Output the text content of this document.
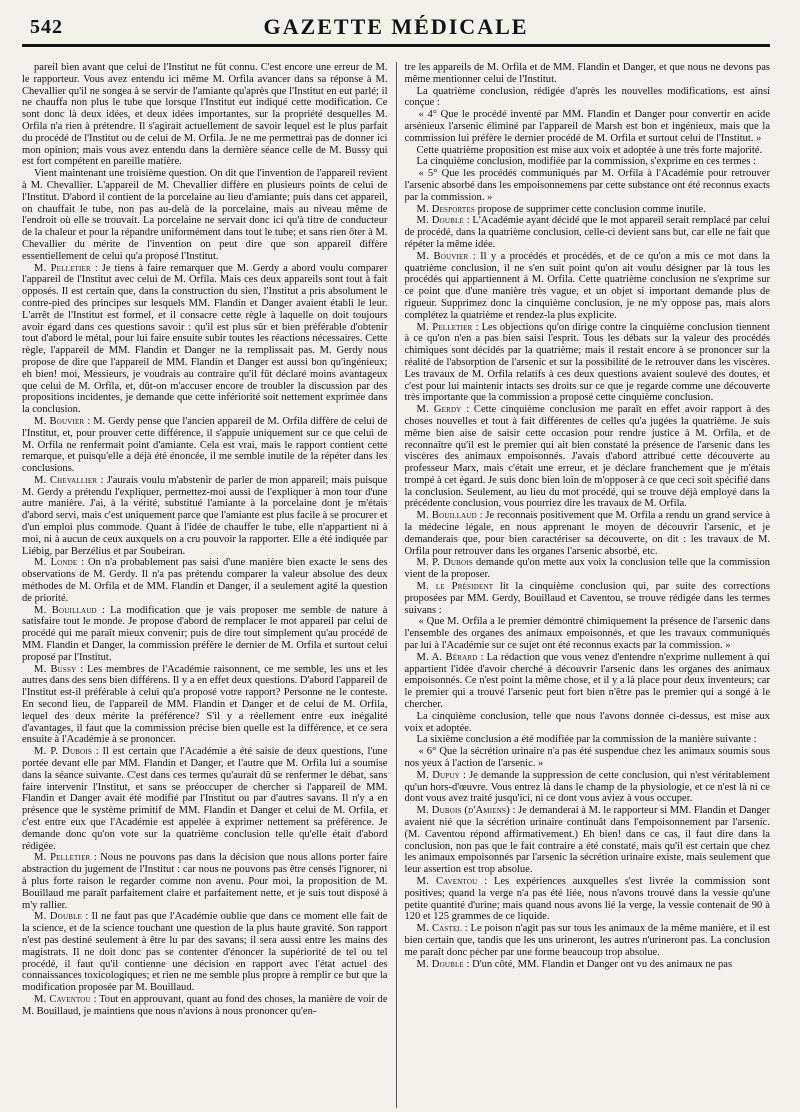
542	GAZETTE MÉDICALE

pareil bien avant que celui de l'Institut ne fût connu. C'est encore une erreur de M. le rapporteur. Vous avez entendu ici même M. Orfila avancer dans sa réponse à M. Chevallier qu'il ne songea à se servir de l'amiante qu'après que l'Institut en eut parlé; il ne chauffa non plus le tube que lorsque l'Institut eut indiqué cette modification. Ce sont donc là deux idées, et deux idées importantes, sur la propriété desquelles M. Orfila n'a rien à prétendre. Il s'agirait actuellement de savoir lequel est le plus parfait du procédé de l'Institut ou de celui de M. Orfila. Je ne me permettrai pas de donner ici mon opinion; mais vous avez entendu dans la dernière séance celle de M. Bussy qui est fort compétent en pareille matière.

Vient maintenant une troisième question. On dit que l'invention de l'appareil revient à M. Chevallier. L'appareil de M. Chevallier diffère en plusieurs points de celui de l'Institut. D'abord il contient de la porcelaine au lieu d'amiante; puis dans cet appareil, on chauffait le tube, non pas au-delà de la porcelaine, mais au niveau même de l'endroit où elle se trouvait. La porcelaine ne servait donc ici qu'à titre de conducteur de la chaleur et pour la répandre uniformément dans tout le tube; et sans rien ôter à M. Chevallier du mérite de l'invention on peut dire que son appareil diffère essentiellement de celui qu'a proposé l'Institut.

M. Pelletier : Je tiens à faire remarquer que M. Gerdy a abord voulu comparer l'appareil de l'Institut avec celui de M. Orfila. Mais ces deux appareils sont tout à fait opposés. Il est certain que, dans la construction du sien, l'Institut a pris absolument le contre-pied des principes sur lesquels MM. Flandin et Danger avaient établi le leur. L'arrêt de l'Institut est formel, et il consacre cette règle à laquelle on doit toujours avoir égard dans ces questions savoir : qu'il est plus sûr et bien préférable d'obtenir tout d'abord le métal, pour lui faire ensuite subir toutes les réactions nécessaires. Cette règle, l'appareil de MM. Flandin et Danger ne la remplissait pas. M. Gerdy nous propose de dire que l'appareil de MM. Flandin et Danger est aussi bon qu'ingénieux; eh bien! moi, Messieurs, je voudrais au contraire qu'il fût déclaré moins avantageux que celui de M. Orfila, et, dût-on m'accuser encore de troubler la discussion par des propositions incidentes, je demande que cette infériorité soit nettement exprimée dans la conclusion.

M. Bouvier : M. Gerdy pense que l'ancien appareil de M. Orfila diffère de celui de l'Institut, et, pour prouver cette différence, il s'appuie uniquement sur ce que celui de M. Orfila ne renfermait point d'amiante. Cela est vrai, mais le rapport contient cette remarque, et puisqu'elle a déjà été énoncée, il me semble inutile de la répéter dans les conclusions.

M. Chevallier : J'aurais voulu m'abstenir de parler de mon appareil; mais puisque M. Gerdy a prétendu l'expliquer, permettez-moi aussi de l'expliquer à mon tour d'une autre manière. J'ai, à la vérité, substitué l'amiante à la porcelaine dont je m'étais d'abord servi, mais c'est uniquement parce que l'amiante est plus facile à se procurer et d'un emploi plus commode. Quant à l'idée de chauffer le tube, elle n'appartient ni à moi, ni à aucun de ceux auxquels on a cru pouvoir la rapporter. Elle a été indiquée par Liébig, par Berzélius et par Soubeiran.

M. Londe : On n'a probablement pas saisi d'une manière bien exacte le sens des observations de M. Gerdy. Il n'a pas prétendu comparer la valeur absolue des deux méthodes de M. Orfila et de MM. Flandin et Danger, il a seulement agité la question de priorité.

M. Bouillaud : La modification que je vais proposer me semble de nature à satisfaire tout le monde. Je propose d'abord de remplacer le mot appareil par celui de procédé qui me paraît mieux convenir; puis de dire tout simplement qu'au procédé de MM. Flandin et Danger, la commission préfère le dernier de M. Orfila et surtout celui proposé par l'Institut.

M. Bussy : Les membres de l'Académie raisonnent, ce me semble, les uns et les autres dans des sens bien différens. Il y a en effet deux questions. D'abord l'appareil de l'Institut est-il préférable à celui qu'a proposé votre rapport? Personne ne le conteste. En second lieu, de l'appareil de MM. Flandin et Danger et de celui de M. Orfila, lequel des deux mérite la préférence? S'il y a réellement entre eux inégalité d'avantages, il faut que la commission précise bien quelle est la différence, et ce sera ensuite à l'Académie à se prononcer.

M. P. Dubois : Il est certain que l'Académie a été saisie de deux questions, l'une portée devant elle par MM. Flandin et Danger, et l'autre que M. Orfila lui a soumise dans la séance suivante. C'est dans ces termes qu'aurait dû se renfermer le débat, sans faire intervenir l'Institut, et sans se préoccuper de chercher si l'appareil de MM. Flandin et Danger avait été modifié par l'Institut ou par d'autres savans. Il n'y a en présence que le système primitif de MM. Flandin et Danger et celui de M. Orfila, et c'est entre eux que l'Académie est appelée à exprimer nettement sa préférence. Je demande donc qu'on vote sur la quatrième conclusion telle qu'elle était d'abord rédigée.

M. Pelletier : Nous ne pouvons pas dans la décision que nous allons porter faire abstraction du jugement de l'Institut : car nous ne pouvons pas être censés l'ignorer, ni à plus forte raison le regarder comme non avenu. Pour moi, la proposition de M. Bouillaud me paraît parfaitement claire et parfaitement nette, et je suis tout disposé à m'y rallier.

M. Double : Il ne faut pas que l'Académie oublie que dans ce moment elle fait de la science, et de la science touchant une question de la plus haute gravité. Son rapport n'est pas destiné seulement à être lu par des savans; il sera aussi entre les mains des magistrats. Il ne doit donc pas se contenter d'énoncer la supériorité de tel ou tel procédé, il faut qu'il contienne une décision en rapport avec l'état actuel des connaissances toxicologiques; et rien ne me semble plus propre à remplir ce but que la modification proposée par M. Bouillaud.

M. Caventou : Tout en approuvant, quant au fond des choses, la manière de voir de M. Bouillaud, je maintiens que nous n'avions à nous prononcer qu'en-

tre les appareils de M. Orfila et de MM. Flandin et Danger, et que nous ne devons pas même mentionner celui de l'Institut.

La quatrième conclusion, rédigée d'après les nouvelles modifications, est ainsi conçue :

« 4° Que le procédé inventé par MM. Flandin et Danger pour convertir en acide arsénieux l'arsenic éliminé par l'appareil de Marsh est bon et ingénieux, mais que la commission lui préfère le dernier procédé de M. Orfila et surtout celui de l'Institut. »

Cette quatrième proposition est mise aux voix et adoptée à une très forte majorité.

La cinquième conclusion, modifiée par la commission, s'exprime en ces termes :

« 5° Que les procédés communiqués par M. Orfila à l'Académie pour retrouver l'arsenic absorbé dans les empoisonnemens par cette substance ont été reconnus exacts par la commission. »

M. Desportes propose de supprimer cette conclusion comme inutile.

M. Double : L'Académie ayant décidé que le mot appareil serait remplacé par celui de procédé, dans la quatrième conclusion, celle-ci devient sans but, car elle ne fait que répéter la même idée.

M. Bouvier : Il y a procédés et procédés, et de ce qu'on a mis ce mot dans la quatrième conclusion, il ne s'en suit point qu'on ait voulu désigner par là tous les procédés qui appartiennent à M. Orfila. Cette quatrième conclusion ne s'exprime sur ce point que d'une manière très vague, et un objet si important demande plus de rigueur. Supprimez donc la cinquième conclusion, je ne m'y oppose pas, mais alors complétez la quatrième et rendez-la plus explicite.

M. Pelletier : Les objections qu'on dirige contre la cinquième conclusion tiennent à ce qu'on n'en a pas bien saisi l'esprit. Tous les débats sur la valeur des procédés chimiques sont décidés par la quatrième; mais il restait encore à se prononcer sur la réalité de l'absorption de l'arsenic et sur la possibilité de le retrouver dans les viscères. Les travaux de M. Orfila relatifs à ces deux questions avaient soulevé des doutes, et c'est pour lui maintenir intacts ses droits sur ce que je regarde comme une découverte très importante que la commission a proposé cette cinquième conclusion.

M. Gerdy : Cette cinquième conclusion me paraît en effet avoir rapport à des choses nouvelles et tout à fait différentes de celles qu'a jugées la quatrième. Je suis même bien aise de saisir cette occasion pour rendre justice à M. Orfila, et de reconnaître qu'il est le premier qui ait bien constaté la présence de l'arsenic dans les viscères des animaux empoisonnés. J'avais d'abord attribué cette découverte au professeur Marx, mais c'était une erreur, et je déclare franchement que je m'étais trompé à cet égard. Je suis donc bien loin de m'opposer à ce que ceci soit spécifié dans la conclusion. Seulement, au lieu du mot procédé, qui se trouve déjà employé dans la précédente conclusion, vous pourriez dire les travaux de M. Orfila.

M. Bouillaud : Je reconnais positivement que M. Orfila a rendu un grand service à la médecine légale, en nous apprenant le moyen de découvrir l'arsenic, et je demanderais que, pour bien caractériser sa découverte, on dit : les travaux de M. Orfila pour retrouver dans les organes l'arsenic absorbé, etc.

M. P. Dubois demande qu'on mette aux voix la conclusion telle que la commission vient de la proposer.

M. le Président lit la cinquième conclusion qui, par suite des corrections proposées par MM. Gerdy, Bouillaud et Caventou, se trouve rédigée dans les termes suivans :

« Que M. Orfila a le premier démontré chimiquement la présence de l'arsenic dans l'ensemble des organes des animaux empoisonnés, et que les travaux communiqués par lui à l'Académie sur ce sujet ont été reconnus exacts par la commission. »

M. A. Bérard : La rédaction que vous venez d'entendre n'exprime nullement à qui appartient l'idée d'avoir cherché à découvrir l'arsenic dans les organes des animaux empoisonnés. Ce n'est point la même chose, et il y a là place pour deux inventeurs; car le premier qui a trouvé l'arsenic peut fort bien n'être pas le premier qui a songé à le chercher.

La cinquième conclusion, telle que nous l'avons donnée ci-dessus, est mise aux voix et adoptée.

La sixième conclusion a été modifiée par la commission de la manière suivante :

« 6° Que la sécrétion urinaire n'a pas été suspendue chez les animaux soumis sous nos yeux à l'action de l'arsenic. »

M. Dupuy : Je demande la suppression de cette conclusion, qui n'est véritablement qu'un hors-d'œuvre. Vous entrez là dans le champ de la physiologie, et ce n'est là ni ce dont vous avez traité jusqu'ici, ni ce dont vous aviez à vous occuper.

M. Dubois (d'Amiens) : Je demanderai à M. le rapporteur si MM. Flandin et Danger avaient nié que la sécrétion urinaire continuât dans l'empoisonnement par l'arsenic. (M. Caventou répond affirmativement.) Eh bien! dans ce cas, il faut dire dans la conclusion, non pas que le fait contraire a été constaté, mais qu'il est certain que chez les animaux empoisonnés par l'arsenic la sécrétion urinaire existe, mais seulement que leur assertion est trop absolue.

M. Caventou : Les expériences auxquelles s'est livrée la commission sont positives; quand la verge n'a pas été liée, nous n'avons trouvé dans la vessie qu'une petite quantité d'urine; mais quand nous avons lié la verge, la vessie contenait de 90 à 120 et 125 grammes de ce liquide.

M. Castel : Le poison n'agit pas sur tous les animaux de la même manière, et il est bien certain que, tandis que les uns urineront, les autres n'urineront pas. La conclusion me paraît donc pécher par une forme beaucoup trop absolue.

M. Double : D'un côté, MM. Flandin et Danger ont vu des animaux ne pas
